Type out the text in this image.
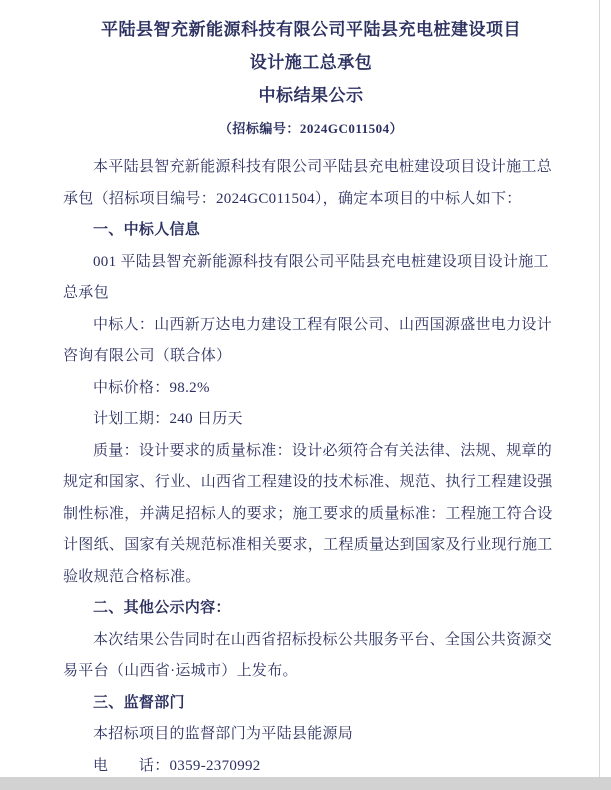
平陆县智充新能源科技有限公司平陆县充电桩建设项目
设计施工总承包
中标结果公示
（招标编号：2024GC011504）

本平陆县智充新能源科技有限公司平陆县充电桩建设项目设计施工总承包（招标项目编号：2024GC011504），确定本项目的中标人如下：

一、中标人信息

001 平陆县智充新能源科技有限公司平陆县充电桩建设项目设计施工总承包

中标人：山西新万达电力建设工程有限公司、山西国源盛世电力设计咨询有限公司（联合体）

中标价格：98.2%

计划工期：240 日历天

质量：设计要求的质量标准：设计必须符合有关法律、法规、规章的规定和国家、行业、山西省工程建设的技术标准、规范、执行工程建设强制性标准，并满足招标人的要求；施工要求的质量标准：工程施工符合设计图纸、国家有关规范标准相关要求，工程质量达到国家及行业现行施工验收规范合格标准。

二、其他公示内容：

本次结果公告同时在山西省招标投标公共服务平台、全国公共资源交易平台（山西省·运城市）上发布。

三、监督部门

本招标项目的监督部门为平陆县能源局

电　　话：0359-2370992
